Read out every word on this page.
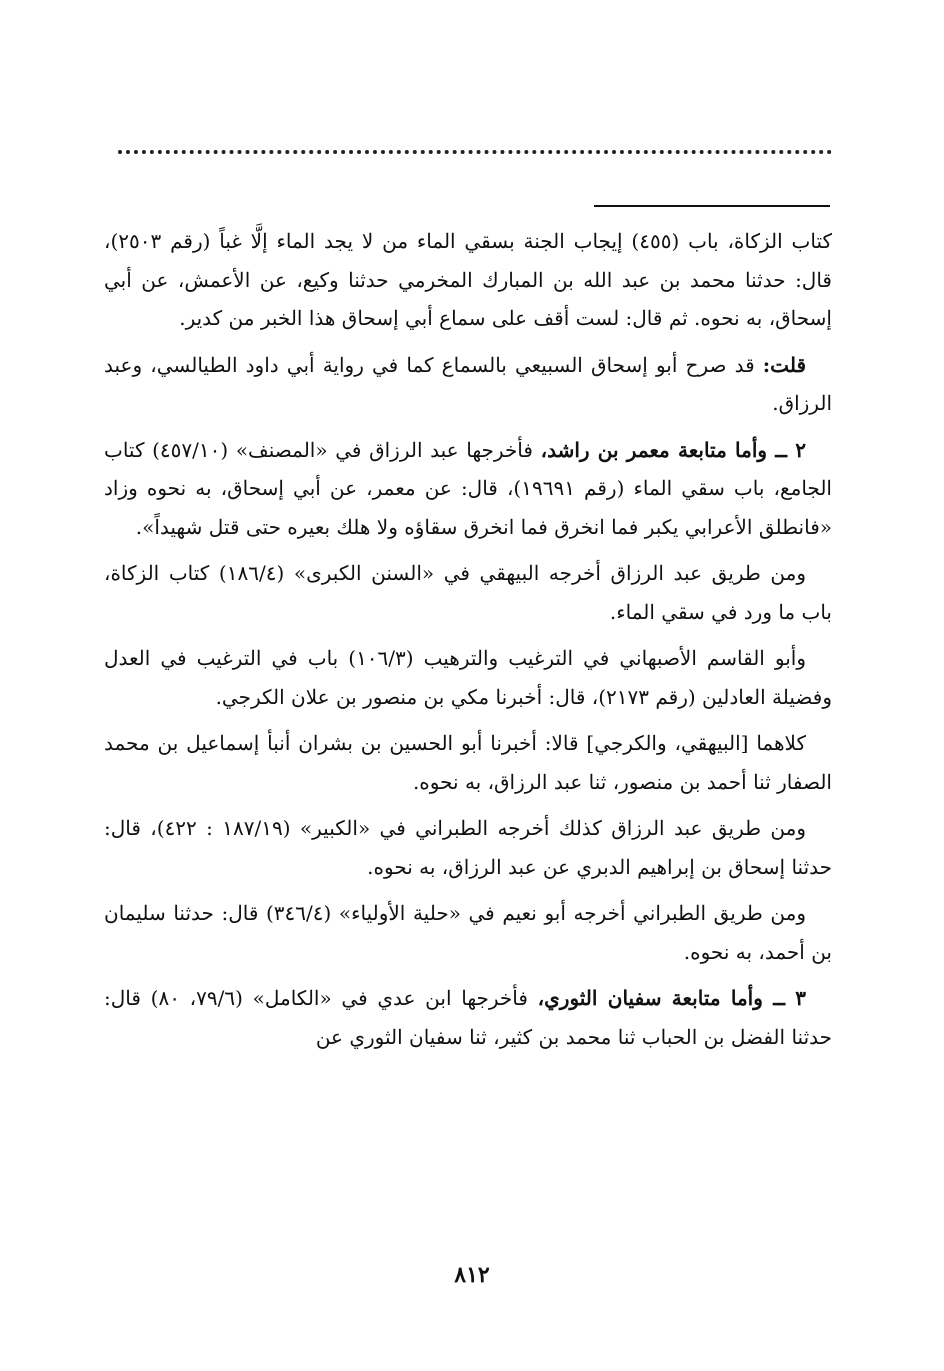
كتاب الزكاة، باب (٤٥٥) إيجاب الجنة بسقي الماء من لا يجد الماء إلَّا غباً (رقم ٢٥٠٣)، قال: حدثنا محمد بن عبد الله بن المبارك المخرمي حدثنا وكيع، عن الأعمش، عن أبي إسحاق، به نحوه. ثم قال: لست أقف على سماع أبي إسحاق هذا الخبر من كدير.

قلت: قد صرح أبو إسحاق السبيعي بالسماع كما في رواية أبي داود الطيالسي، وعبد الرزاق.

٢ ــ وأما متابعة معمر بن راشد، فأخرجها عبد الرزاق في «المصنف» (٤٥٧/١٠) كتاب الجامع، باب سقي الماء (رقم ١٩٦٩١)، قال: عن معمر، عن أبي إسحاق، به نحوه وزاد «فانطلق الأعرابي يكبر فما انخرق فما انخرق سقاؤه ولا هلك بعيره حتى قتل شهيداً».

ومن طريق عبد الرزاق أخرجه البيهقي في «السنن الكبرى» (١٨٦/٤) كتاب الزكاة، باب ما ورد في سقي الماء.

وأبو القاسم الأصبهاني في الترغيب والترهيب (١٠٦/٣) باب في الترغيب في العدل وفضيلة العادلين (رقم ٢١٧٣)، قال: أخبرنا مكي بن منصور بن علان الكرجي.

كلاهما [البيهقي، والكرجي] قالا: أخبرنا أبو الحسين بن بشران أنبأ إسماعيل بن محمد الصفار ثنا أحمد بن منصور، ثنا عبد الرزاق، به نحوه.

ومن طريق عبد الرزاق كذلك أخرجه الطبراني في «الكبير» (١٨٧/١٩ : ٤٢٢)، قال: حدثنا إسحاق بن إبراهيم الدبري عن عبد الرزاق، به نحوه.

ومن طريق الطبراني أخرجه أبو نعيم في «حلية الأولياء» (٣٤٦/٤) قال: حدثنا سليمان بن أحمد، به نحوه.

٣ ــ وأما متابعة سفيان الثوري، فأخرجها ابن عدي في «الكامل» (٧٩/٦، ٨٠) قال: حدثنا الفضل بن الحباب ثنا محمد بن كثير، ثنا سفيان الثوري عن

٨١٢
